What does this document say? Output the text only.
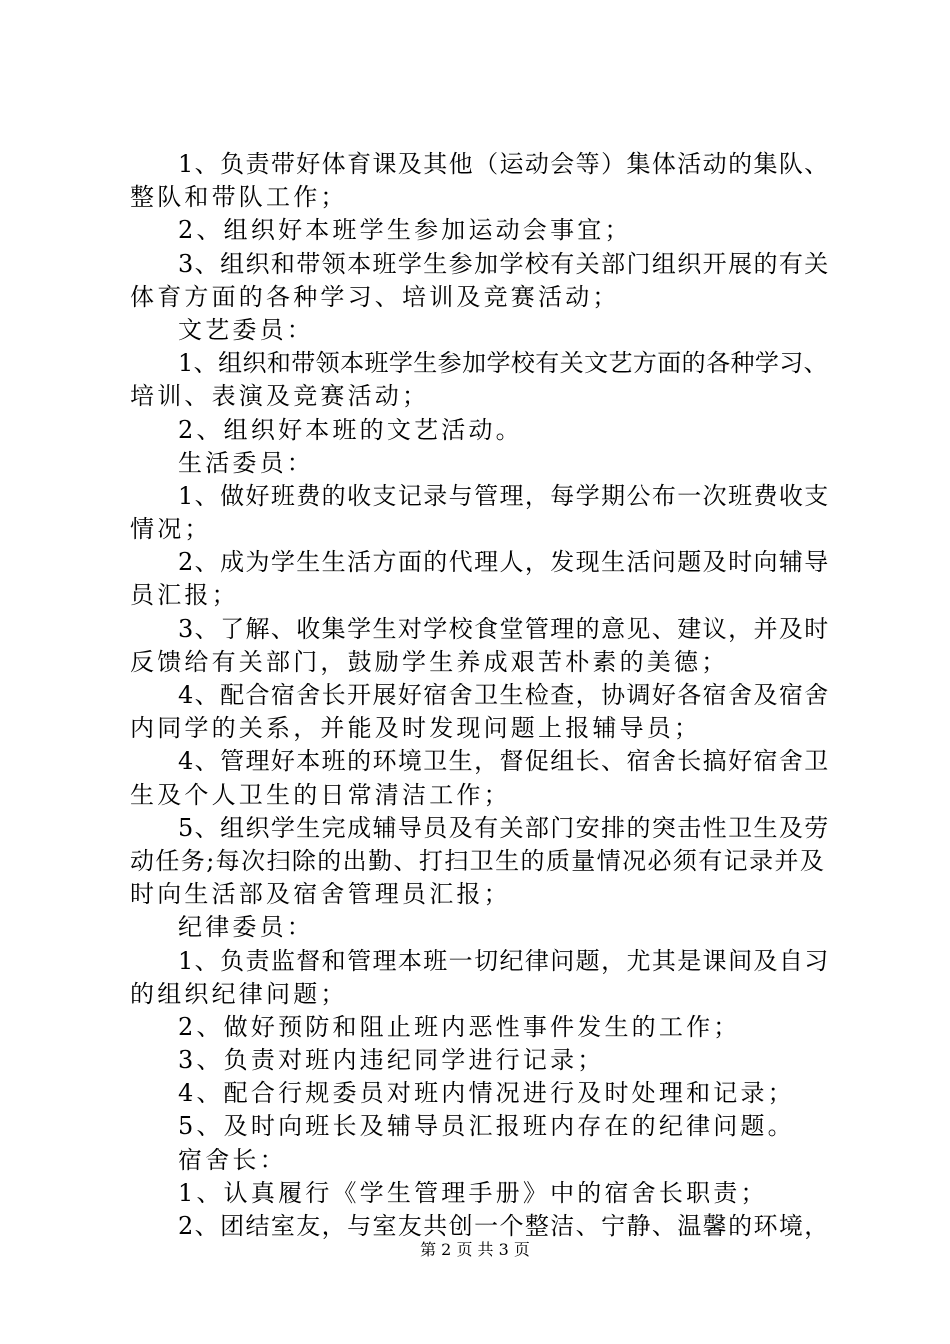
1、负责带好体育课及其他（运动会等）集体活动的集队、
整队和带队工作；
2、组织好本班学生参加运动会事宜；
3、组织和带领本班学生参加学校有关部门组织开展的有关
体育方面的各种学习、培训及竞赛活动；
文艺委员：
1、组织和带领本班学生参加学校有关文艺方面的各种学习、
培训、表演及竞赛活动；
2、组织好本班的文艺活动。
生活委员：
1、做好班费的收支记录与管理，每学期公布一次班费收支
情况；
2、成为学生生活方面的代理人，发现生活问题及时向辅导
员汇报；
3、了解、收集学生对学校食堂管理的意见、建议，并及时
反馈给有关部门，鼓励学生养成艰苦朴素的美德；
4、配合宿舍长开展好宿舍卫生检查，协调好各宿舍及宿舍
内同学的关系，并能及时发现问题上报辅导员；
4、管理好本班的环境卫生，督促组长、宿舍长搞好宿舍卫
生及个人卫生的日常清洁工作；
5、组织学生完成辅导员及有关部门安排的突击性卫生及劳
动任务;每次扫除的出勤、打扫卫生的质量情况必须有记录并及
时向生活部及宿舍管理员汇报；
纪律委员：
1、负责监督和管理本班一切纪律问题，尤其是课间及自习
的组织纪律问题；
2、做好预防和阻止班内恶性事件发生的工作；
3、负责对班内违纪同学进行记录；
4、配合行规委员对班内情况进行及时处理和记录；
5、及时向班长及辅导员汇报班内存在的纪律问题。
宿舍长：
1、认真履行《学生管理手册》中的宿舍长职责；
2、团结室友，与室友共创一个整洁、宁静、温馨的环境，
第 2 页 共 3 页
